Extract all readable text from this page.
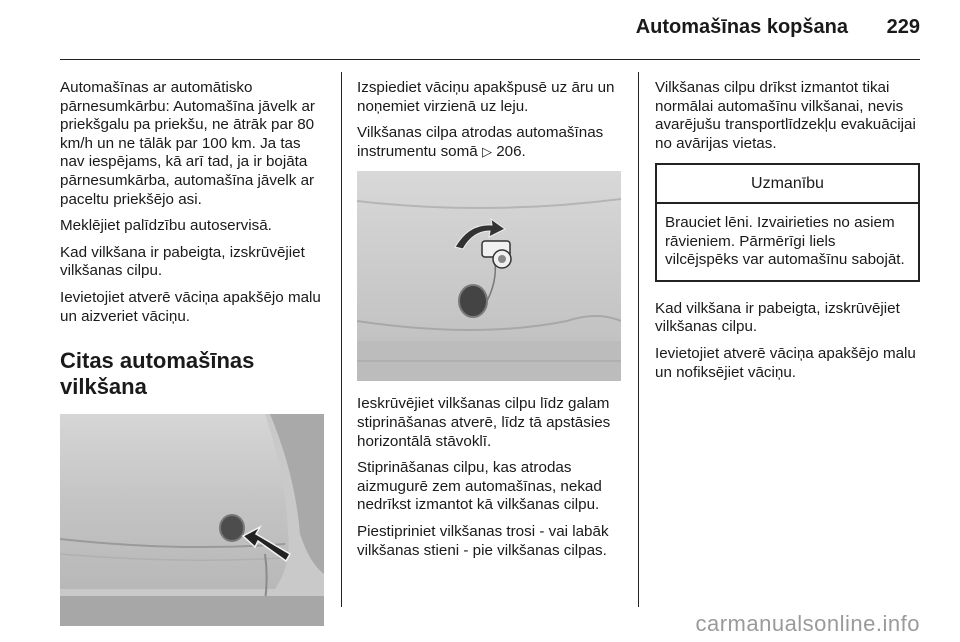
Automašīnas kopšana 229

Automašīnas ar automātisko pārnesumkārbu: Automašīna jāvelk ar priekšgalu pa priekšu, ne ātrāk par 80 km/h un ne tālāk par 100 km. Ja tas nav iespējams, kā arī tad, ja ir bojāta pārnesumkārba, automašīna jāvelk ar paceltu priekšējo asi.

Meklējiet palīdzību autoservisā.

Kad vilkšana ir pabeigta, izskrūvējiet vilkšanas cilpu.

Ievietojiet atverē vāciņa apakšējo malu un aizveriet vāciņu.

Citas automašīnas vilkšana

Izspiediet vāciņu apakšpusē uz āru un noņemiet virzienā uz leju.

Vilkšanas cilpa atrodas automašīnas instrumentu somā ▷ 206.

Ieskrūvējiet vilkšanas cilpu līdz galam stiprināšanas atverē, līdz tā apstāsies horizontālā stāvoklī.

Stiprināšanas cilpu, kas atrodas aizmugurē zem automašīnas, nekad nedrīkst izmantot kā vilkšanas cilpu.

Piestipriniet vilkšanas trosi - vai labāk vilkšanas stieni - pie vilkšanas cilpas.

Vilkšanas cilpu drīkst izmantot tikai normālai automašīnu vilkšanai, nevis avarējušu transportlīdzekļu evakuācijai no avārijas vietas.

Uzmanību
Brauciet lēni. Izvairieties no asiem rāvieniem. Pārmērīgi liels vilcējspēks var automašīnu sabojāt.

Kad vilkšana ir pabeigta, izskrūvējiet vilkšanas cilpu.

Ievietojiet atverē vāciņa apakšējo malu un nofiksējiet vāciņu.

carmanualsonline.info
